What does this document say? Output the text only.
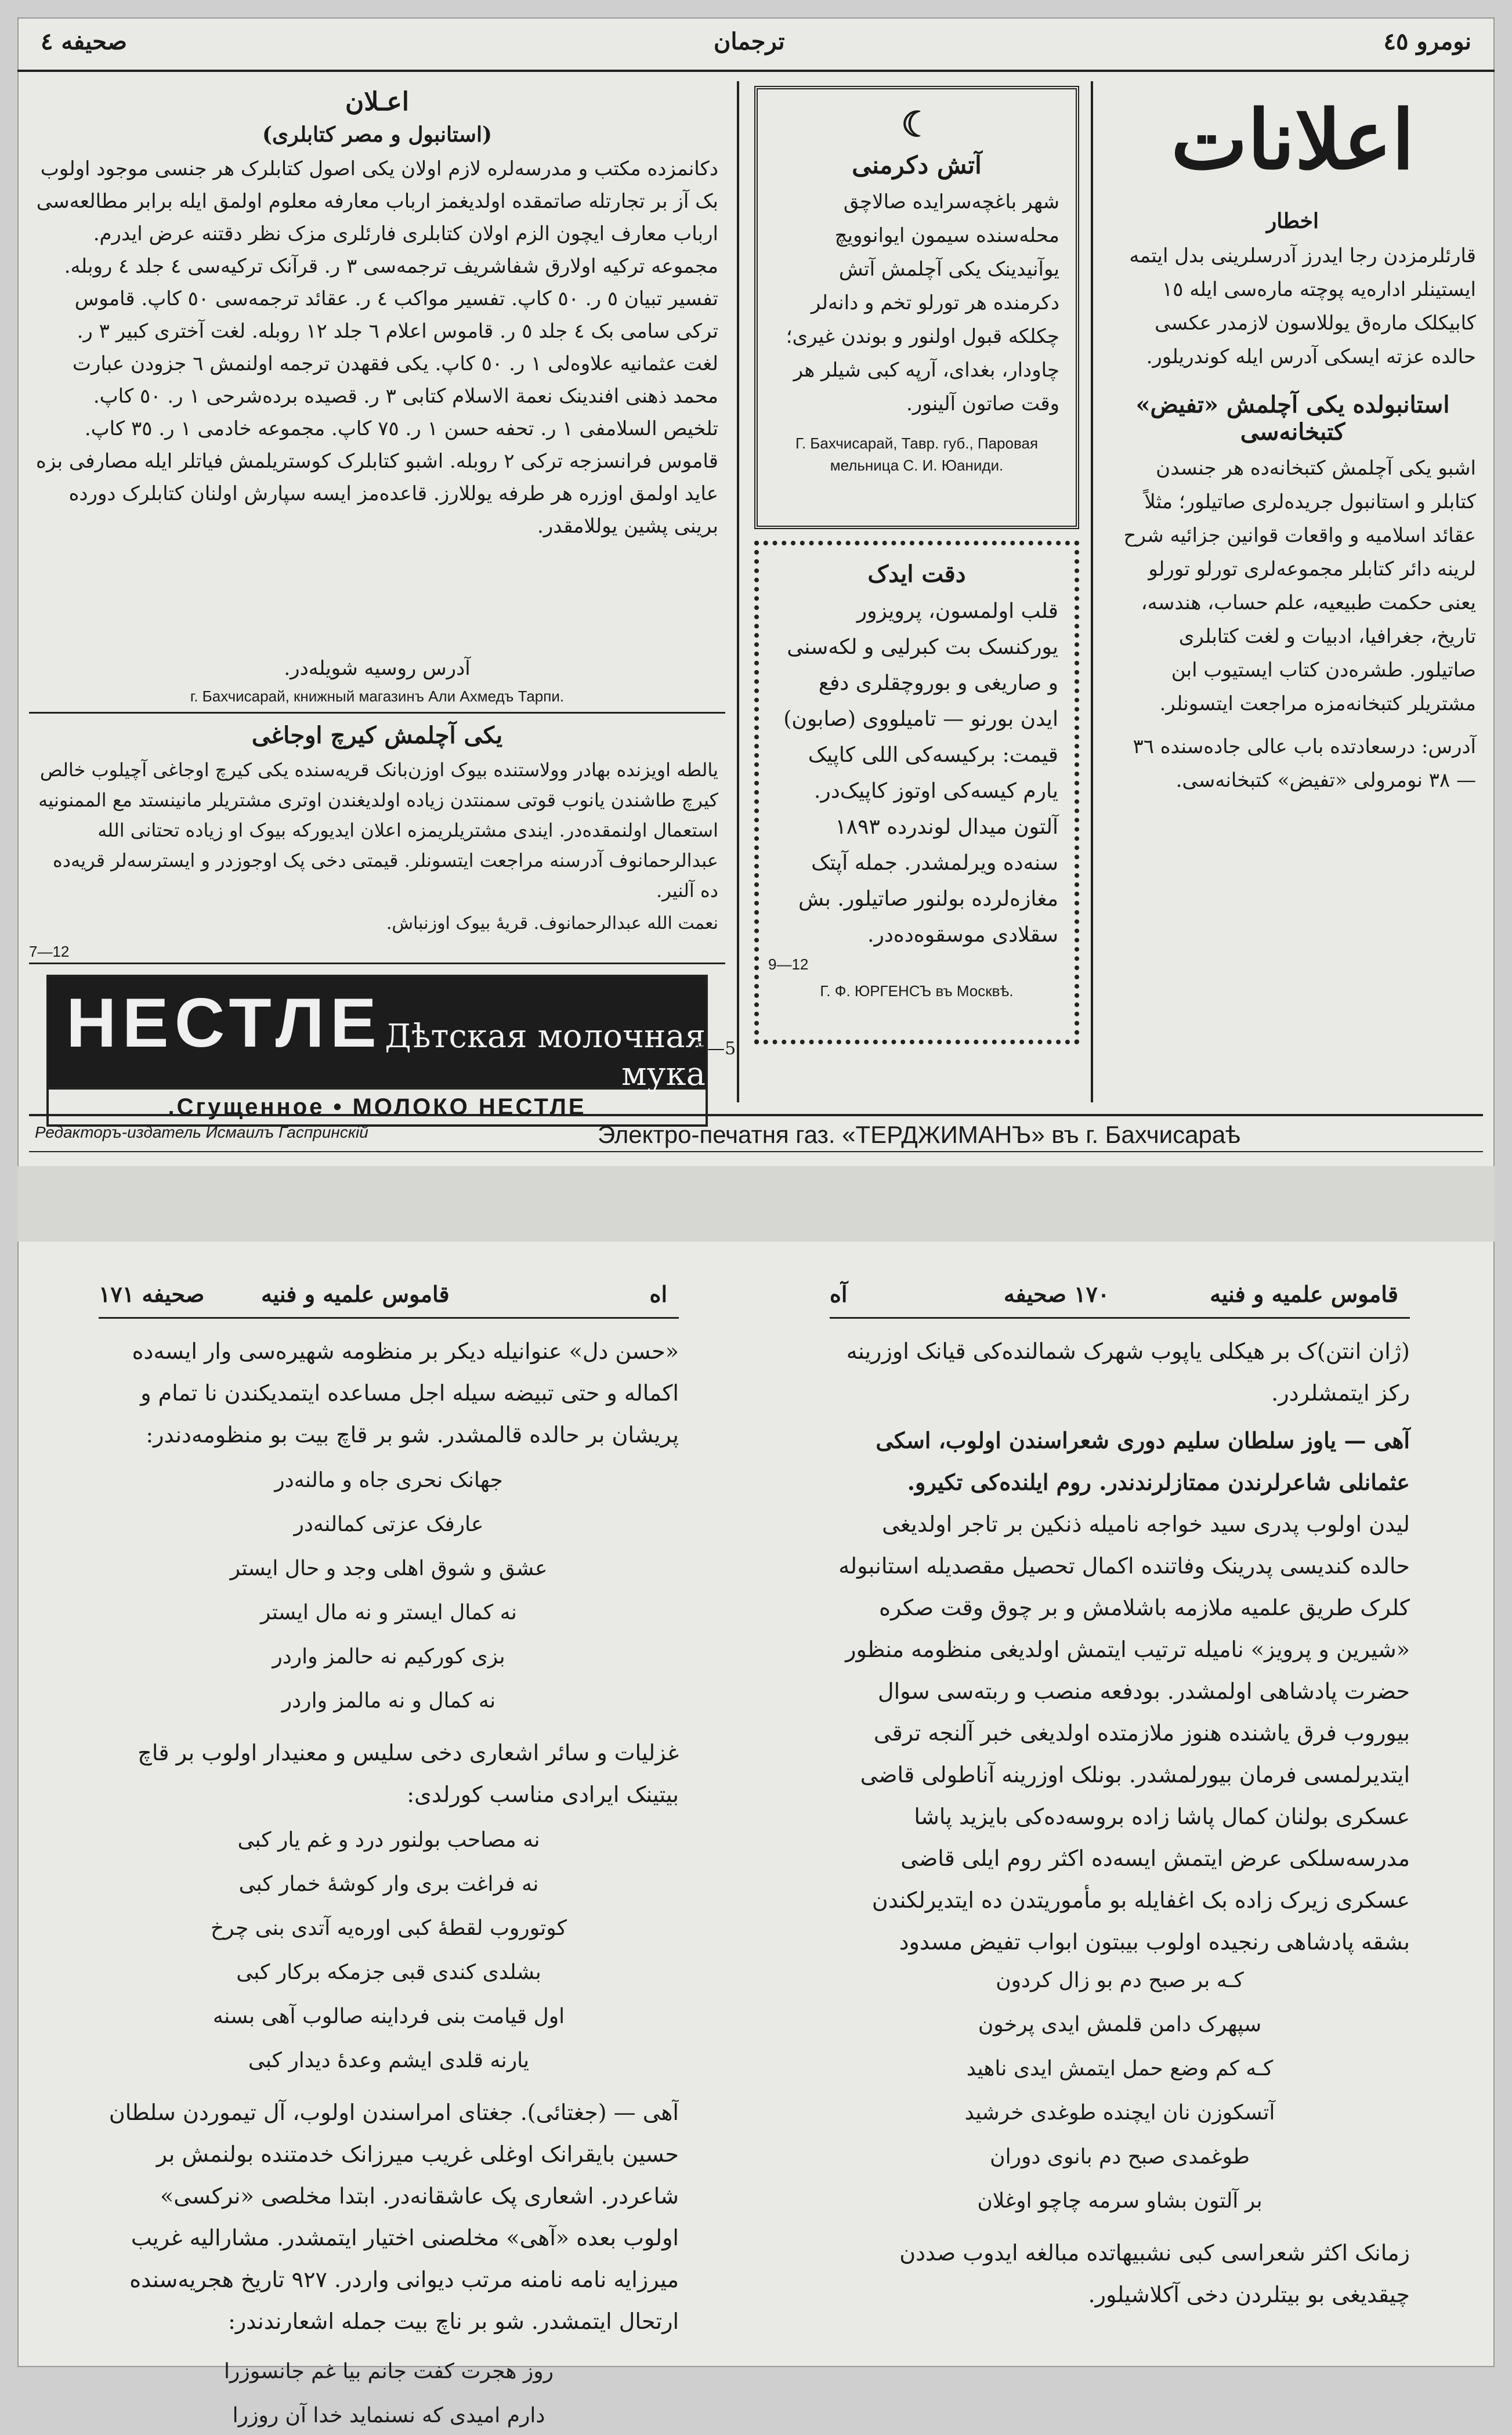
صحیفه ٤	ترجمان	نومرو ٤٥
اعلانات
اخطار
قارئلرمزدن رجا ایدرز آدرسلرینی بدل ایتمه ایستینلر اداره‌یه پوچته ماره‌سی ایله ١٥ کابیکلک ماره‌ق یوللاسون لازمدر عکسی حالده عزته ایسکی آدرس ایله کوندریلور.
استانبولده یکی آچلمش «تفیض» کتبخانه‌سی
اشبو یکی آچلمش کتبخانه‌ده هر جنسدن کتابلر و استانبول جریده‌لری صاتیلور؛ مثلاً عقائد اسلامیه و واقعات قوانین جزائیه شرح لرینه دائر کتابلر مجموعه‌لری تورلو تورلو یعنی حکمت طبیعیه، علم حساب، هندسه، تاریخ، جغرافیا، ادبیات و لغت کتابلری صاتیلور. طشره‌دن کتاب ایستیوب ابن مشتریلر کتبخانه‌مزه مراجعت ایتسونلر.
آدرس: درسعادتده باب عالی جاده‌سنده ٣٦ — ٣٨ نومرولی «تفیض» کتبخانه‌سی.
☾
آتش دکرمنی
شهر باغچه‌سرایده صالاچق محله‌سنده سیمون ایوانوویچ یوآنیدینک یکی آچلمش آتش دکرمنده هر تورلو تخم و دانه‌لر چکلکه قبول اولنور و بوندن غیری؛ چاودار، بغدای، آرپه کبی شیلر هر وقت صاتون آلینور.
Г. Бахчисарай, Тавр. губ., Паровая мельница С. И. Юаниди.
دقت ایدک
قلب اولمسون، پرویزور یورکنسک بت کبرلیی و لکه‌سنی و صاریغی و بوروچقلری دفع ایدن بورنو — تامیلووی (صابون) قیمت: برکیسه‌کی اللی کاپیک یارم کیسه‌کی اوتوز کاپیک‌در. آلتون میدال لوندرده ١٨٩٣ سنه‌ده ویرلمشدر. جمله آپتک مغازه‌لرده بولنور صاتیلور. بش سقلادی موسقوه‌ده‌در.
9—12
Г. Ф. ЮРГЕНСЪ въ Москвѣ.
اعـلان
(استانبول و مصر کتابلری)
دکانمزده مکتب و مدرسه‌لره لازم اولان یکی اصول کتابلرک هر جنسی موجود اولوب بک آز بر تجارتله صاتمقده اولدیغمز ارباب معارفه معلوم اولمق ایله برابر مطالعه‌سی ارباب معارف ایچون الزم اولان کتابلری فارئلری مزک نظر دقتنه عرض ایدرم. مجموعه ترکیه اولارق شفاشریف ترجمه‌سی ٣ ر. قرآنک ترکیه‌سی ٤ جلد ٤ روبله. تفسیر تبیان ٥ ر. ٥٠ کاپ. تفسیر مواکب ٤ ر. عقائد ترجمه‌سی ٥٠ کاپ. قاموس ترکی سامی بک ٤ جلد ٥ ر. قاموس اعلام ٦ جلد ١٢ روبله. لغت آختری کبیر ٣ ر. لغت عثمانیه علاوه‌لی ١ ر. ٥٠ کاپ. یکی فقهدن ترجمه اولنمش ٦ جزودن عبارت محمد ذهنی افندینک نعمة الاسلام کتابی ٣ ر. قصیده برده‌شرحی ١ ر. ٥٠ کاپ. تلخیص السلامفی ١ ر. تحفه حسن ١ ر. ٧٥ کاپ. مجموعه خادمی ١ ر. ٣٥ کاپ. قاموس فرانسزجه ترکی ٢ روبله. اشبو کتابلرک کوستریلمش فیاتلر ایله مصارفی بزه عاید اولمق اوزره هر طرفه یوللارز. قاعده‌مز ایسه سپارش اولنان کتابلرک دورده برینی پشین یوللامقدر.
آدرس روسیه شویله‌در.
г. Бахчисарай, книжный магазинъ Али Ахмедъ Тарпи.
یکی آچلمش کیرچ اوجاغی
یالطه اویزنده بهادر وولاستنده بیوک اوزن‌بانک قریه‌سنده یکی کیرچ اوجاغی آچیلوب خالص کیرچ طاشندن یانوب قوتی سمنتدن زیاده اولدیغندن اوتری مشتریلر مانینستد مع الممنونیه استعمال اولنمقده‌در. ایندی مشتریلریمزه اعلان ایدیورکه بیوک او زیاده تحتانی الله عبدالرحمانوف آدرسنه مراجعت ایتسونلر. قیمتی دخی پک اوجوز‌در و ایسترسه‌لر قریه‌ده ده آلنیر.
نعمت الله عبدالرحمانوف. قریهٔ بیوک اوزنباش.
7—12
НЕСТЛЕ Дѣтская молочная мука
Сгущенное • МОЛОКО НЕСТЛЕ.
5—5
Редакторъ-издатель Исмаилъ Гаспринскій	Электро-печатня газ. «ТЕРДЖИМАНЪ» въ г. Бахчисараѣ
آه	قاموس علمیه و فنیه
١٧٠ صحیفه
(ژان انتن)ک بر هیکلی یاپوب شهرک شمالنده‌کی قیانک اوزرینه رکز ایتمشلردر.
آهی — یاوز سلطان سلیم دوری شعراسندن اولوب، اسکی عثمانلی شاعرلرندن ممتازلرندندر. روم ایلنده‌کی تکیرو.
لیدن اولوب پدری سید خواجه نامیله ذنکین بر تاجر اولدیغی حالده کندیسی پدرینک وفاتنده اکمال تحصیل مقصدیله استانبوله کلرک طریق علمیه ملازمه باشلامش و بر چوق وقت صکره «شیرین و پرویز» نامیله ترتیب ایتمش اولدیغی منظومه منظور حضرت پادشاهی اولمشدر. بودفعه منصب و ربته‌سی سوال بیوروب فرق یاشنده هنوز ملازمتده اولدیغی خبر آلنجه ترقی ایتدیرلمسی فرمان بیورلمشدر. بونلک اوزرینه آناطولی قاضی عسکری بولنان کمال پاشا زاده بروسه‌ده‌کی بایزید پاشا مدرسه‌سلکی عرض ایتمش ایسه‌ده اکثر روم ایلی قاضی عسکری زیرک زاده بک اغفایله بو مأموریتدن ده ایتدیرلکندن بشقه پادشاهی رنجیده اولوب بیبتون ابواب تفیض مسدود
کـه بر صبح دم بو زال کردون
سپهرک دامن قلمش ایدی پرخون
کـه کم وضع حمل ایتمش ایدی ناهید
آتسکوزن نان ایچنده طوغدی خرشید
طوغمدی صبح دم بانوی دوران
بر آلتون بشاو سرمه چاچو اوغلان
زمانک اکثر شعراسی کبی نشبیهاتده مبالغه ایدوب صددن چیقدیغی بو بیتلردن دخی آکلاشیلور.
صحیفه ١٧١	قاموس علمیه و فنیه	اه
«حسن دل» عنوانیله دیکر بر منظومه شهیر‌ه‌سی وار ایسه‌ده اکماله و حتی تبیضه سیله اجل مساعده ایتمدیکندن نا تمام و پریشان بر حالده قالمشدر. شو بر قاچ بیت بو منظومه‌دندر:
جهانک نحری جاه و مالنه‌در
عارفک عزتی کمالنه‌در
عشق و شوق اهلی وجد و حال ایستر
نه کمال ایستر و نه مال ایستر
بزی کورکیم نه حالمز واردر
نه کمال و نه مالمز واردر
غزلیات و سائر اشعاری دخی سلیس و معنیدار اولوب بر قاچ بیتینک ایرادی مناسب کورلدی:
نه مصاحب بولنور درد و غم یار کبی
نه فراغت بری وار کوشهٔ خمار کبی
کوتوروب لقطهٔ کبی اوره‌یه آتدی بنی چرخ
بشلدی کندی قبی جزمکه برکار کبی
اول قیامت بنی فرداینه صالوب آهی بسنه
یارنه قلدی ایشم وعدهٔ دیدار کبی
آهی — (جغتائی). جغتای امراسندن اولوب، آل تیموردن سلطان حسین بایقرانک اوغلی غریب میرزانک خدمتنده بولنمش بر شاعردر. اشعاری پک عاشقانه‌در. ابتدا مخلصی «نرکسی» اولوب بعده «آهی» مخلصنی اختیار ایتمشدر. مشارالیه غریب میرزایه نامه نامنه مرتب دیوانی واردر. ٩٢٧ تاریخ هجریه‌سنده ارتحال ایتمشدر. شو بر ناچ بیت جمله اشعارندندر:
روز هجرت کفت جانم بیا غم جانسوزرا
دارم امیدی که نسنماید خدا آن روزرا
